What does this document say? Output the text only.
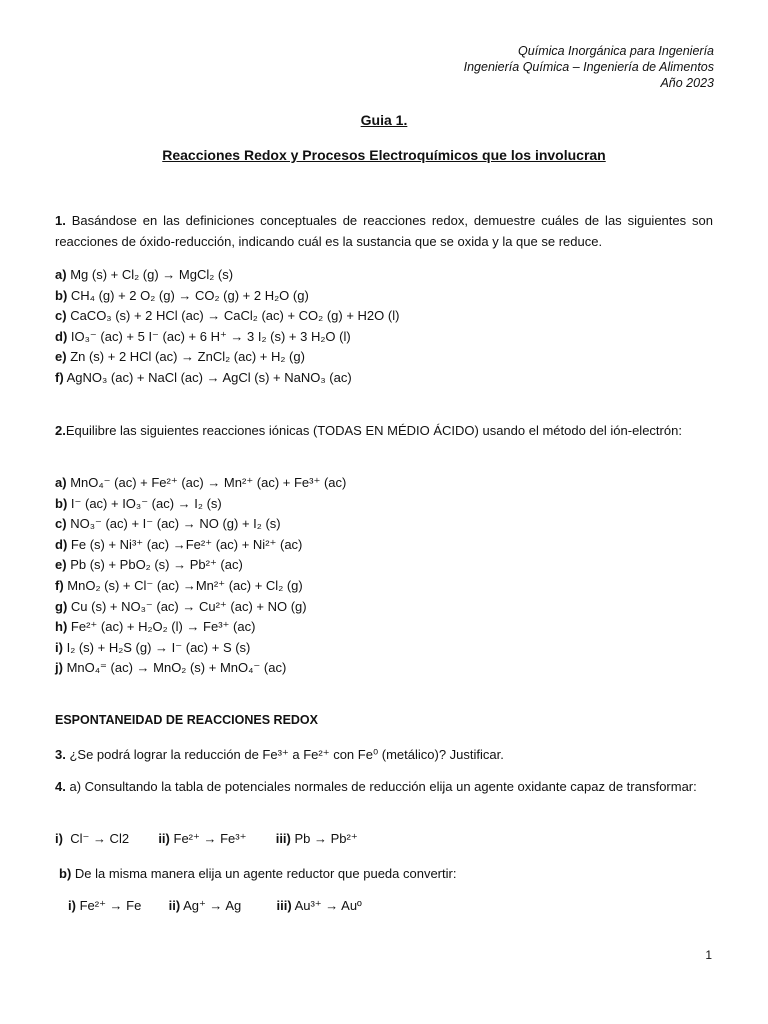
Química Inorgánica para Ingeniería
Ingeniería Química – Ingeniería de Alimentos
Año 2023
Guia 1.
Reacciones Redox y Procesos Electroquímicos que los involucran
1. Basándose en las definiciones conceptuales de reacciones redox, demuestre cuáles de las siguientes son reacciones de óxido-reducción, indicando cuál es la sustancia que se oxida y la que se reduce.
a) Mg (s) + Cl₂ (g) → MgCl₂ (s)
b) CH₄ (g) + 2 O₂ (g) → CO₂ (g) + 2 H₂O (g)
c) CaCO₃ (s) + 2 HCl (ac) → CaCl₂ (ac) + CO₂ (g) + H2O (l)
d) IO₃⁻ (ac) + 5 I⁻ (ac) + 6 H⁺ → 3 I₂ (s) + 3 H₂O (l)
e) Zn (s) + 2 HCl (ac) → ZnCl₂ (ac) + H₂ (g)
f) AgNO₃ (ac) + NaCl (ac) → AgCl (s) + NaNO₃ (ac)
2.Equilibre las siguientes reacciones iónicas (TODAS EN MÉDIO ÁCIDO) usando el método del ión-electrón:
a) MnO₄⁻ (ac) + Fe²⁺ (ac) → Mn²⁺ (ac) + Fe³⁺ (ac)
b) I⁻ (ac) + IO₃⁻ (ac) → I₂ (s)
c) NO₃⁻ (ac) + I⁻ (ac) → NO (g) + I₂ (s)
d) Fe (s) + Ni³⁺ (ac) →Fe²⁺ (ac) + Ni²⁺ (ac)
e) Pb (s) + PbO₂ (s) → Pb²⁺ (ac)
f) MnO₂ (s) + Cl⁻ (ac) →Mn²⁺ (ac) + Cl₂ (g)
g) Cu (s) + NO₃⁻ (ac) → Cu²⁺ (ac) + NO (g)
h) Fe²⁺ (ac) + H₂O₂ (l) → Fe³⁺ (ac)
i) I₂ (s) + H₂S (g) → I⁻ (ac) + S (s)
j) MnO₄⁼ (ac) → MnO₂ (s) + MnO₄⁻ (ac)
ESPONTANEIDAD DE REACCIONES REDOX
3. ¿Se podrá lograr la reducción de Fe³⁺ a Fe²⁺ con Fe⁰ (metálico)? Justificar.
4. a) Consultando la tabla de potenciales normales de reducción elija un agente oxidante capaz de transformar:
i) Cl⁻ → Cl2 ii) Fe²⁺ → Fe³⁺ iii) Pb → Pb²⁺
b) De la misma manera elija un agente reductor que pueda convertir:
i) Fe²⁺ → Fe ii) Ag⁺ → Ag	iii) Au³⁺ → Auº
1
